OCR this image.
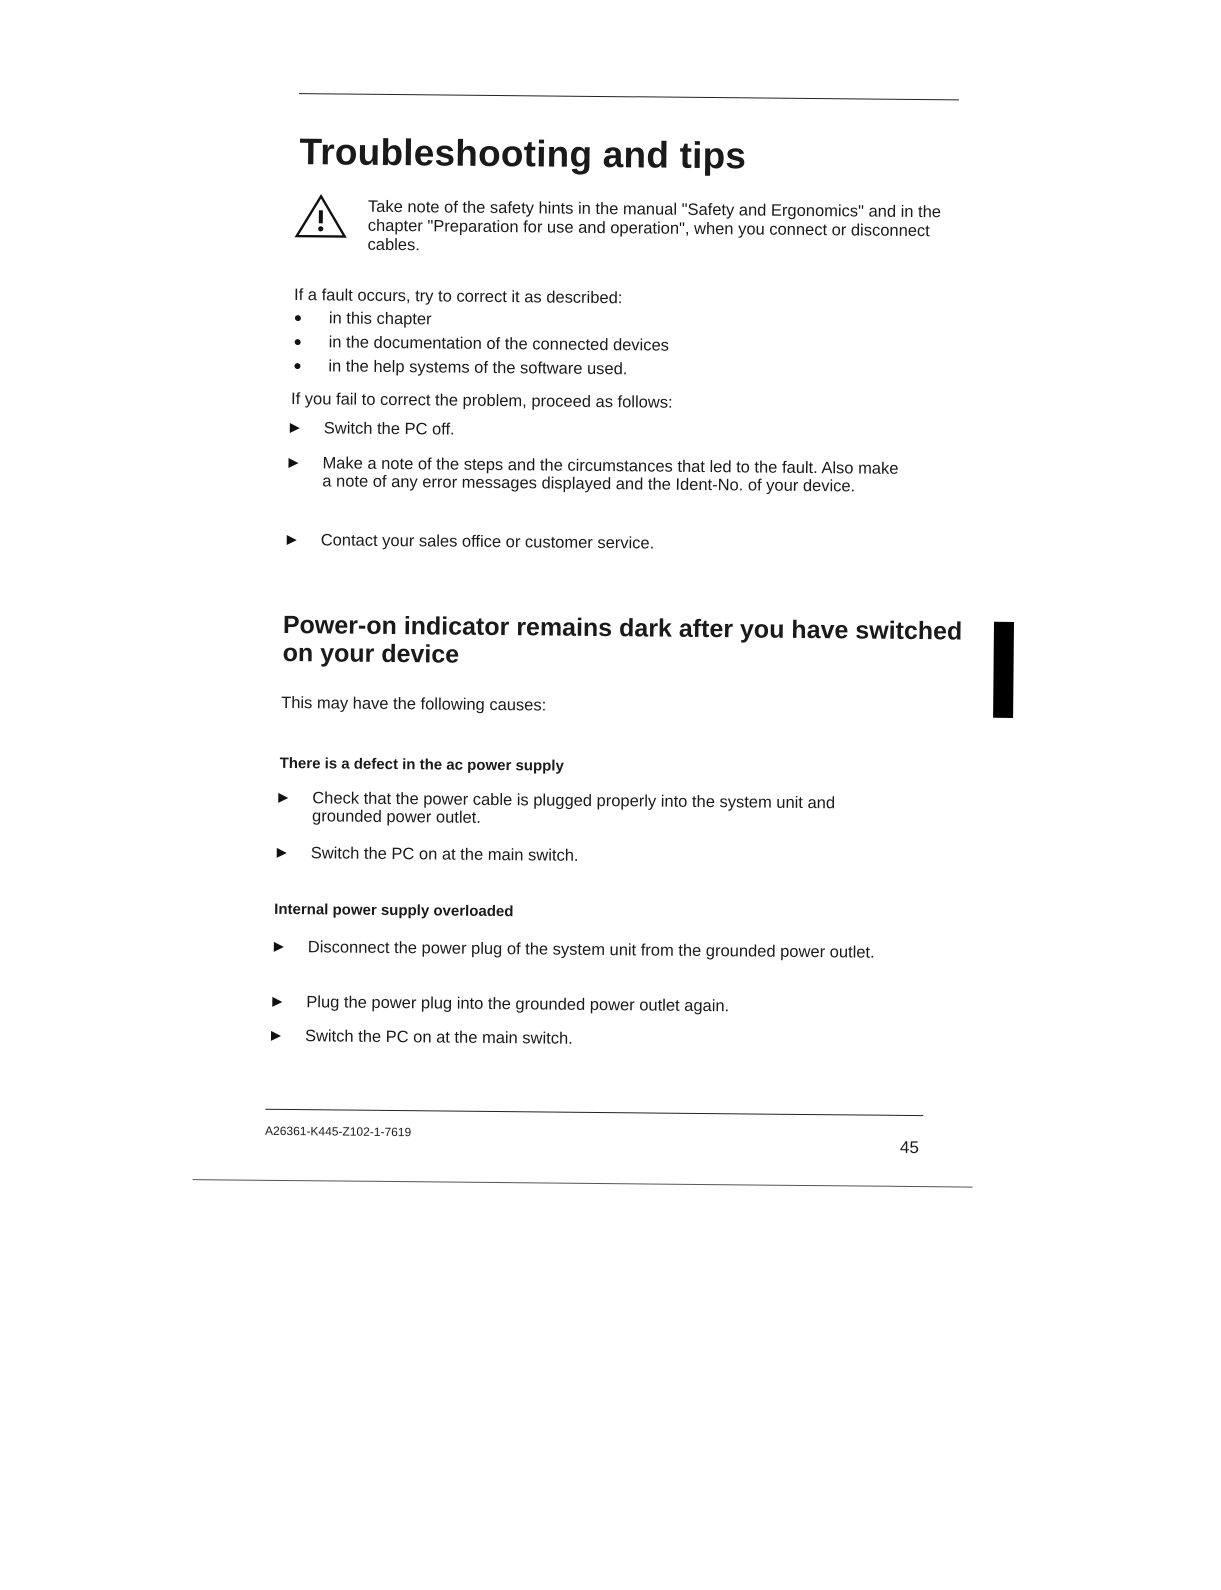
Troubleshooting and tips
Take note of the safety hints in the manual "Safety and Ergonomics" and in the chapter "Preparation for use and operation", when you connect or disconnect cables.
If a fault occurs, try to correct it as described:
in this chapter
in the documentation of the connected devices
in the help systems of the software used.
If you fail to correct the problem, proceed as follows:
Switch the PC off.
Make a note of the steps and the circumstances that led to the fault. Also make a note of any error messages displayed and the Ident-No. of your device.
Contact your sales office or customer service.
Power-on indicator remains dark after you have switched on your device
This may have the following causes:
There is a defect in the ac power supply
Check that the power cable is plugged properly into the system unit and grounded power outlet.
Switch the PC on at the main switch.
Internal power supply overloaded
Disconnect the power plug of the system unit from the grounded power outlet.
Plug the power plug into the grounded power outlet again.
Switch the PC on at the main switch.
A26361-K445-Z102-1-7619
45
